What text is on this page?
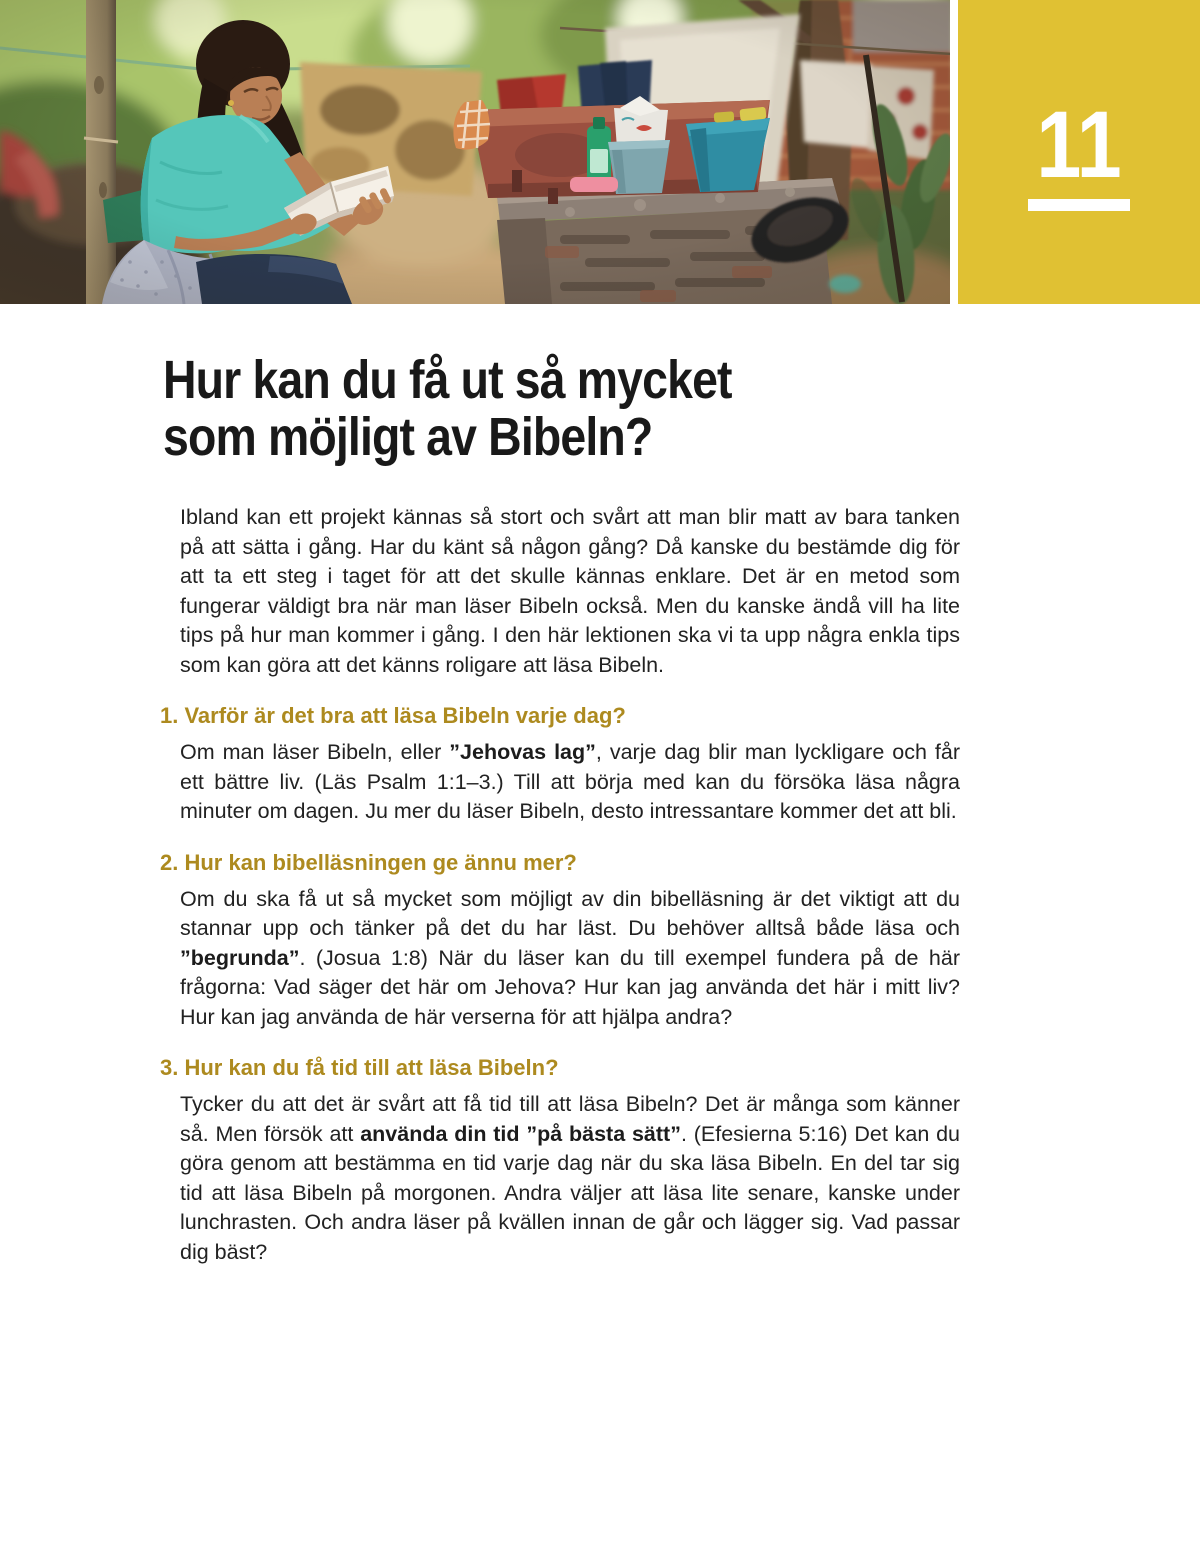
11
Hur kan du få ut så mycket
som möjligt av Bibeln?

Ibland kan ett projekt kännas så stort och svårt att man blir matt av bara tanken på att sätta i gång. Har du känt så någon gång? Då kanske du bestämde dig för att ta ett steg i taget för att det skulle kännas enklare. Det är en metod som fungerar väldigt bra när man läser Bibeln också. Men du kanske ändå vill ha lite tips på hur man kommer i gång. I den här lektionen ska vi ta upp några enkla tips som kan göra att det känns roligare att läsa Bibeln.

1. Varför är det bra att läsa Bibeln varje dag?

Om man läser Bibeln, eller ”Jehovas lag”, varje dag blir man lyckligare och får ett bättre liv. (Läs Psalm 1:1–3.) Till att börja med kan du försöka läsa några minuter om dagen. Ju mer du läser Bibeln, desto intressantare kommer det att bli.

2. Hur kan bibelläsningen ge ännu mer?

Om du ska få ut så mycket som möjligt av din bibelläsning är det viktigt att du stannar upp och tänker på det du har läst. Du behöver alltså både läsa och ”begrunda”. (Josua 1:8) När du läser kan du till exempel fundera på de här frågorna: Vad säger det här om Jehova? Hur kan jag använda det här i mitt liv? Hur kan jag använda de här verserna för att hjälpa andra?

3. Hur kan du få tid till att läsa Bibeln?

Tycker du att det är svårt att få tid till att läsa Bibeln? Det är många som känner så. Men försök att använda din tid ”på bästa sätt”. (Efesierna 5:16) Det kan du göra genom att bestämma en tid varje dag när du ska läsa Bibeln. En del tar sig tid att läsa Bibeln på morgonen. Andra väljer att läsa lite senare, kanske under lunchrasten. Och andra läser på kvällen innan de går och lägger sig. Vad passar dig bäst?
